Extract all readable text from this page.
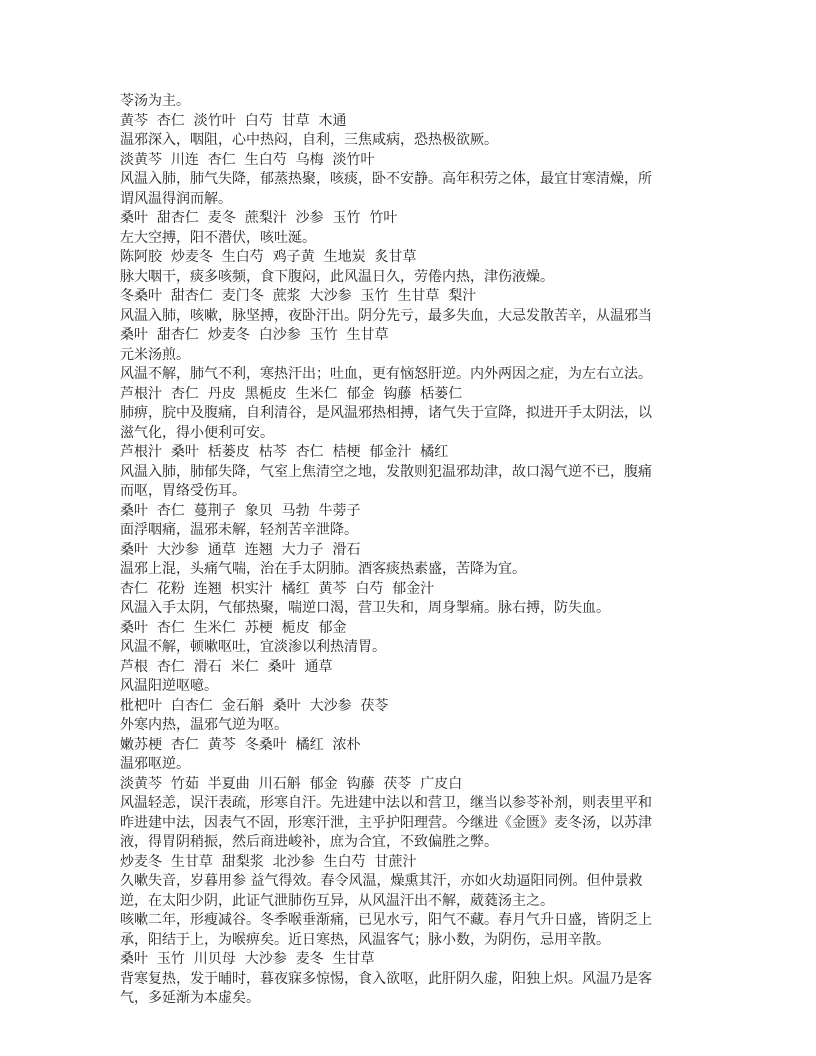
苓汤为主。
黄芩  杏仁  淡竹叶  白芍  甘草  木通
温邪深入，咽阻，心中热闷，自利，三焦咸病，恐热极欲厥。
淡黄芩  川连  杏仁  生白芍  乌梅  淡竹叶
风温入肺，肺气失降，郁蒸热聚，咳痰，卧不安静。高年积劳之体，最宜甘寒清燥，所
谓风温得润而解。
桑叶  甜杏仁  麦冬  蔗梨汁  沙参  玉竹  竹叶
左大空搏，阳不潜伏，咳吐涎。
陈阿胶  炒麦冬  生白芍  鸡子黄  生地炭  炙甘草
脉大咽干，痰多咳频，食下腹闷，此风温日久，劳倦内热，津伤液燥。
冬桑叶  甜杏仁  麦门冬  蔗浆  大沙参  玉竹  生甘草  梨汁
风温入肺，咳嗽，脉坚搏，夜卧汗出。阴分先亏，最多失血，大忌发散苦辛，从温邪当
桑叶  甜杏仁  炒麦冬  白沙参  玉竹  生甘草
元米汤煎。
风温不解，肺气不利，寒热汗出；吐血，更有恼怒肝逆。内外两因之症，为左右立法。
芦根汁  杏仁  丹皮  黑栀皮  生米仁  郁金  钩藤  栝蒌仁
肺痹，脘中及腹痛，自利清谷，是风温邪热相搏，诸气失于宣降，拟进开手太阴法，以
滋气化，得小便利可安。
芦根汁  桑叶  栝蒌皮  枯芩  杏仁  桔梗  郁金汁  橘红
风温入肺，肺郁失降，气室上焦清空之地，发散则犯温邪劫津，故口渴气逆不已，腹痛
而呕，胃络受伤耳。
桑叶  杏仁  蔓荆子  象贝  马勃  牛蒡子
面浮咽痛，温邪未解，轻剂苦辛泄降。
桑叶  大沙参  通草  连翘  大力子  滑石
温邪上混，头痛气喘，治在手太阴肺。酒客痰热素盛，苦降为宜。
杏仁  花粉  连翘  枳实汁  橘红  黄芩  白芍  郁金汁
风温入手太阴，气郁热聚，喘逆口渴，营卫失和，周身掣痛。脉右搏，防失血。
桑叶  杏仁  生米仁  苏梗  栀皮  郁金
风温不解，顿嗽呕吐，宜淡渗以利热清胃。
芦根  杏仁  滑石  米仁  桑叶  通草
风温阳逆呕噫。
枇杷叶  白杏仁  金石斛  桑叶  大沙参  茯苓
外寒内热，温邪气逆为呕。
嫩苏梗  杏仁  黄芩  冬桑叶  橘红  浓朴
温邪呕逆。
淡黄芩  竹茹  半夏曲  川石斛  郁金  钩藤  茯苓  广皮白
风温轻恙，误汗表疏，形寒自汗。先进建中法以和营卫，继当以参苓补剂，则表里平和
昨进建中法，因表气不固，形寒汗泄，主乎护阳理营。今继进《金匮》麦冬汤，以苏津
液，得胃阴稍振，然后商进峻补，庶为合宜，不致偏胜之弊。
炒麦冬  生甘草  甜梨浆  北沙参  生白芍  甘蔗汁
久嗽失音，岁暮用参 益气得效。春令风温，燥熏其汗，亦如火劫逼阳同例。但仲景救
逆，在太阳少阴，此证气泄肺伤互异，从风温汗出不解，葳蕤汤主之。
咳嗽二年，形瘦减谷。冬季喉垂渐痛，已见水亏，阳气不藏。春月气升日盛，皆阴乏上
承，阳结于上，为喉痹矣。近日寒热，风温客气；脉小数，为阴伤，忌用辛散。
桑叶  玉竹  川贝母  大沙参  麦冬  生甘草
背寒复热，发于晡时，暮夜寐多惊惕，食入欲呕，此肝阴久虚，阳独上炽。风温乃是客
气，多延渐为本虚矣。
